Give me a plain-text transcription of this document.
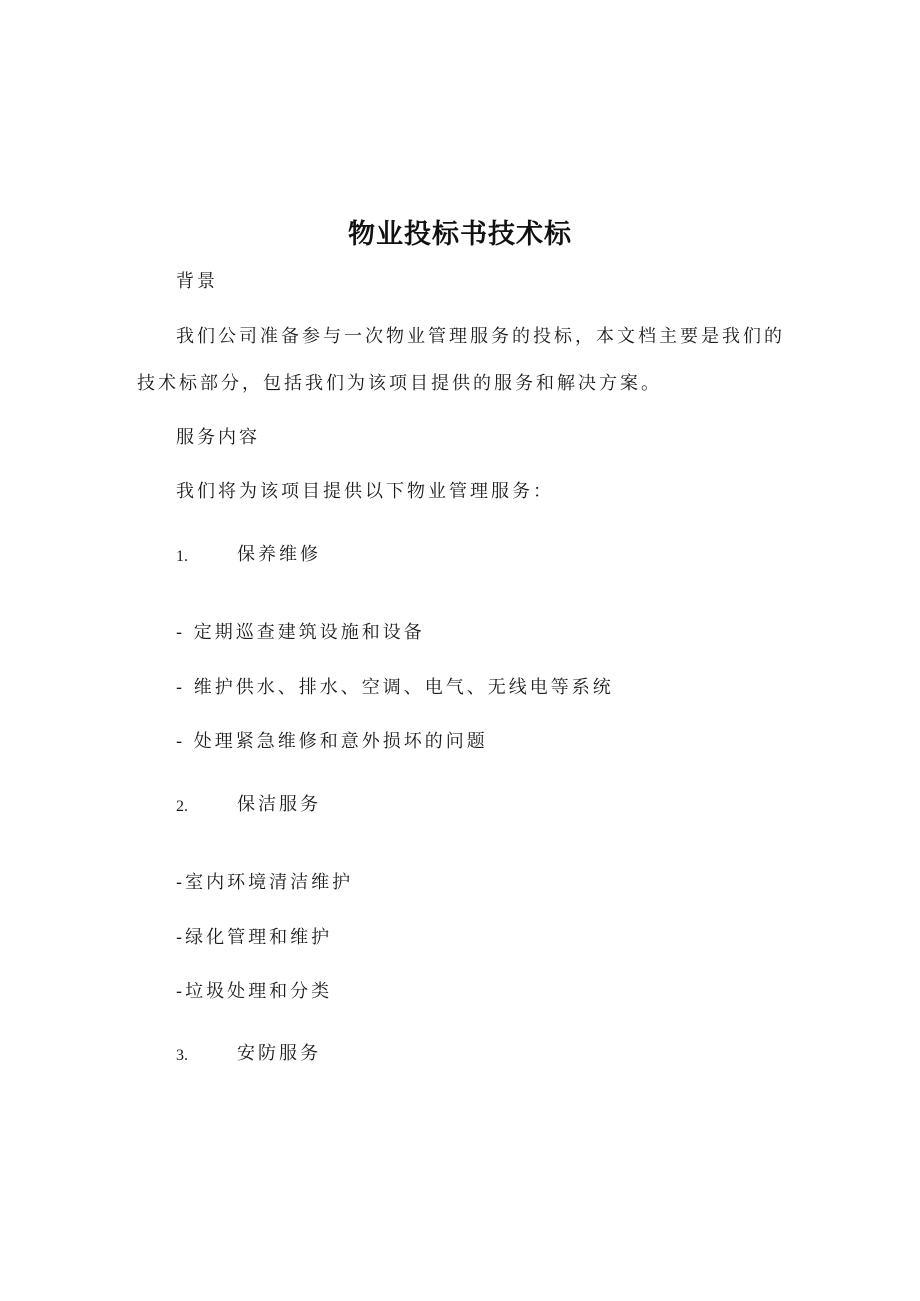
物业投标书技术标
背景
我们公司准备参与一次物业管理服务的投标，本文档主要是我们的
技术标部分，包括我们为该项目提供的服务和解决方案。
服务内容
我们将为该项目提供以下物业管理服务：
1.	保养维修
- 定期巡查建筑设施和设备
- 维护供水、排水、空调、电气、无线电等系统
- 处理紧急维修和意外损坏的问题
2.	保洁服务
-室内环境清洁维护
-绿化管理和维护
-垃圾处理和分类
3.	安防服务
